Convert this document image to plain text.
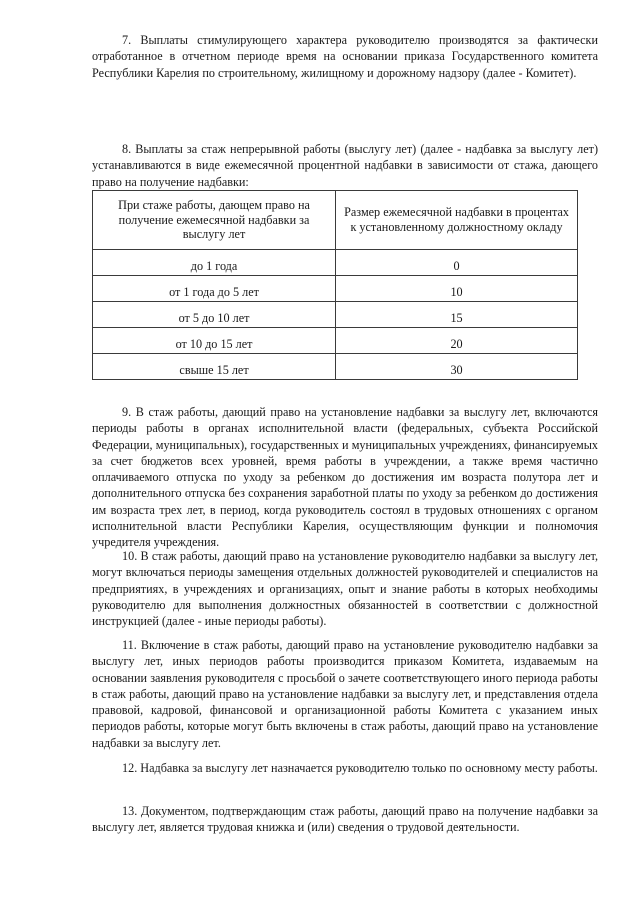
7. Выплаты стимулирующего характера руководителю производятся за фактически отработанное в отчетном периоде время на основании приказа Государственного комитета Республики Карелия по строительному, жилищному и дорожному надзору (далее - Комитет).

8. Выплаты за стаж непрерывной работы (выслугу лет) (далее - надбавка за выслугу лет) устанавливаются в виде ежемесячной процентной надбавки в зависимости от стажа, дающего право на получение надбавки:

При стаже работы, дающем право на получение ежемесячной надбавки за выслугу лет	Размер ежемесячной надбавки в процентах к установленному должностному окладу
до 1 года	0
от 1 года до 5 лет	10
от 5 до 10 лет	15
от 10 до 15 лет	20
свыше 15 лет	30

9. В стаж работы, дающий право на установление надбавки за выслугу лет, включаются периоды работы в органах исполнительной власти (федеральных, субъекта Российской Федерации, муниципальных), государственных и муниципальных учреждениях, финансируемых за счет бюджетов всех уровней, время работы в учреждении, а также время частично оплачиваемого отпуска по уходу за ребенком до достижения им возраста полутора лет и дополнительного отпуска без сохранения заработной платы по уходу за ребенком до достижения им возраста трех лет, в период, когда руководитель состоял в трудовых отношениях с органом исполнительной власти Республики Карелия, осуществляющим функции и полномочия учредителя учреждения.

10. В стаж работы, дающий право на установление руководителю надбавки за выслугу лет, могут включаться периоды замещения отдельных должностей руководителей и специалистов на предприятиях, в учреждениях и организациях, опыт и знание работы в которых необходимы руководителю для выполнения должностных обязанностей в соответствии с должностной инструкцией (далее - иные периоды работы).

11. Включение в стаж работы, дающий право на установление руководителю надбавки за выслугу лет, иных периодов работы производится приказом Комитета, издаваемым на основании заявления руководителя с просьбой о зачете соответствующего иного периода работы в стаж работы, дающий право на установление надбавки за выслугу лет, и представления отдела правовой, кадровой, финансовой и организационной работы Комитета с указанием иных периодов работы, которые могут быть включены в стаж работы, дающий право на установление надбавки за выслугу лет.

12. Надбавка за выслугу лет назначается руководителю только по основному месту работы.

13. Документом, подтверждающим стаж работы, дающий право на получение надбавки за выслугу лет, является трудовая книжка и (или) сведения о трудовой деятельности.
